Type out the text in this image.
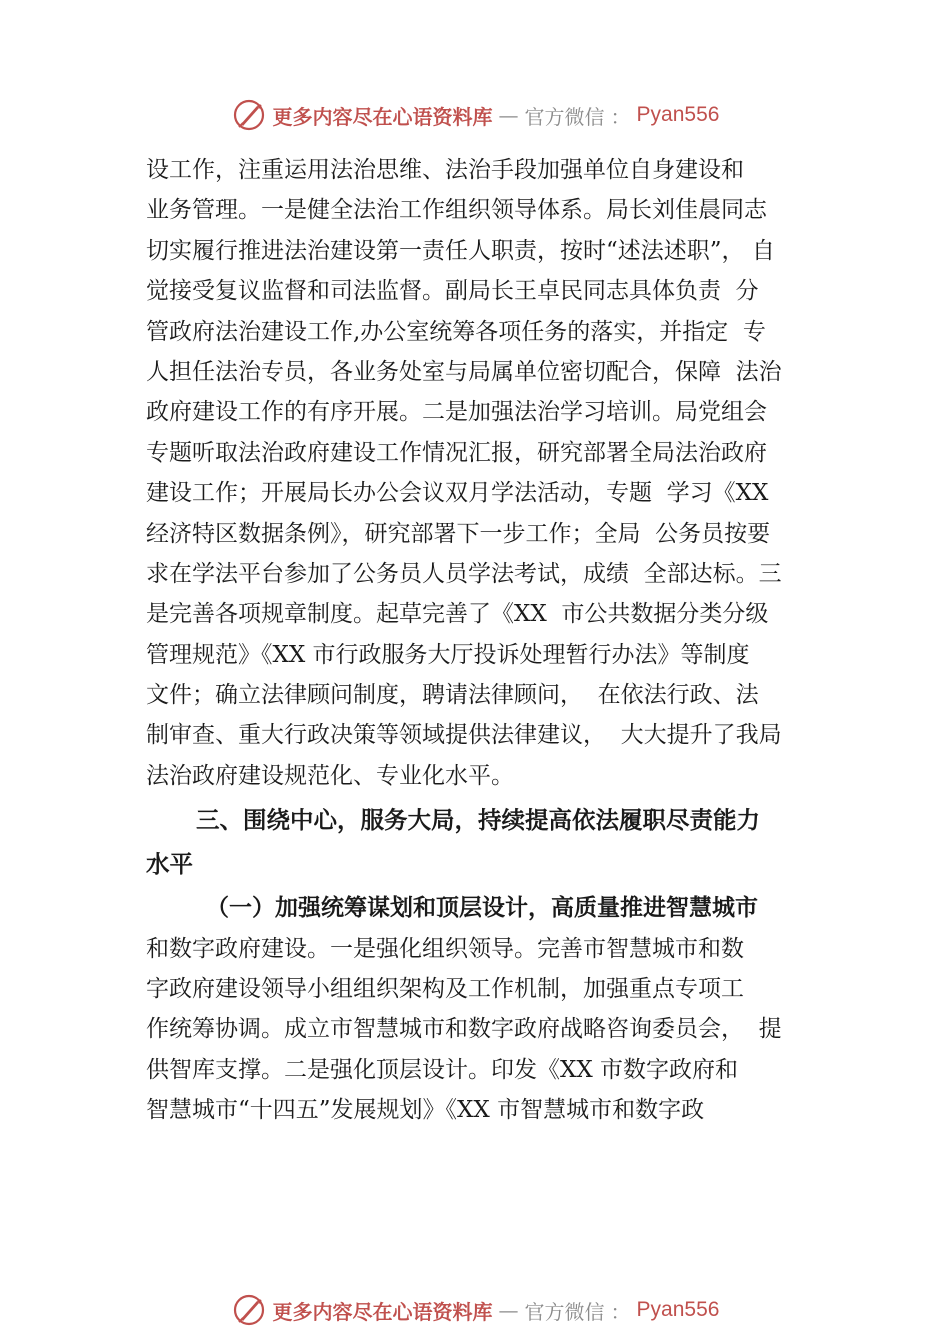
更多内容尽在心语资料库 — 官方微信 ： Pyan556
设工作，注重运用法治思维、法治手段加强单位自身建设和
业务管理。一是健全法治工作组织领导体系。局长刘佳晨同志
切实履行推进法治建设第一责任人职责，按时“述法述职”， 自
觉接受复议监督和司法监督。副局长王卓民同志具体负责  分
管政府法治建设工作,办公室统筹各项任务的落实，并指定  专
人担任法治专员，各业务处室与局属单位密切配合，保障  法治
政府建设工作的有序开展。二是加强法治学习培训。局党组会
专题听取法治政府建设工作情况汇报，研究部署全局法治政府
建设工作；开展局长办公会议双月学法活动，专题  学习《XX
经济特区数据条例》，研究部署下一步工作；全局  公务员按要
求在学法平台参加了公务员人员学法考试，成绩  全部达标。三
是完善各项规章制度。起草完善了《XX  市公共数据分类分级
管理规范》《XX 市行政服务大厅投诉处理暂行办法》等制度
文件；确立法律顾问制度，聘请法律顾问，  在依法行政、法
制审查、重大行政决策等领域提供法律建议，  大大提升了我局
法治政府建设规范化、专业化水平。
三、围绕中心，服务大局，持续提高依法履职尽责能力
水平
（一）加强统筹谋划和顶层设计，高质量推进智慧城市
和数字政府建设。一是强化组织领导。完善市智慧城市和数
字政府建设领导小组组织架构及工作机制，加强重点专项工
作统筹协调。成立市智慧城市和数字政府战略咨询委员会，  提
供智库支撑。二是强化顶层设计。印发《XX 市数字政府和
智慧城市“十四五”发展规划》《XX 市智慧城市和数字政
更多内容尽在心语资料库 — 官方微信 ： Pyan556
